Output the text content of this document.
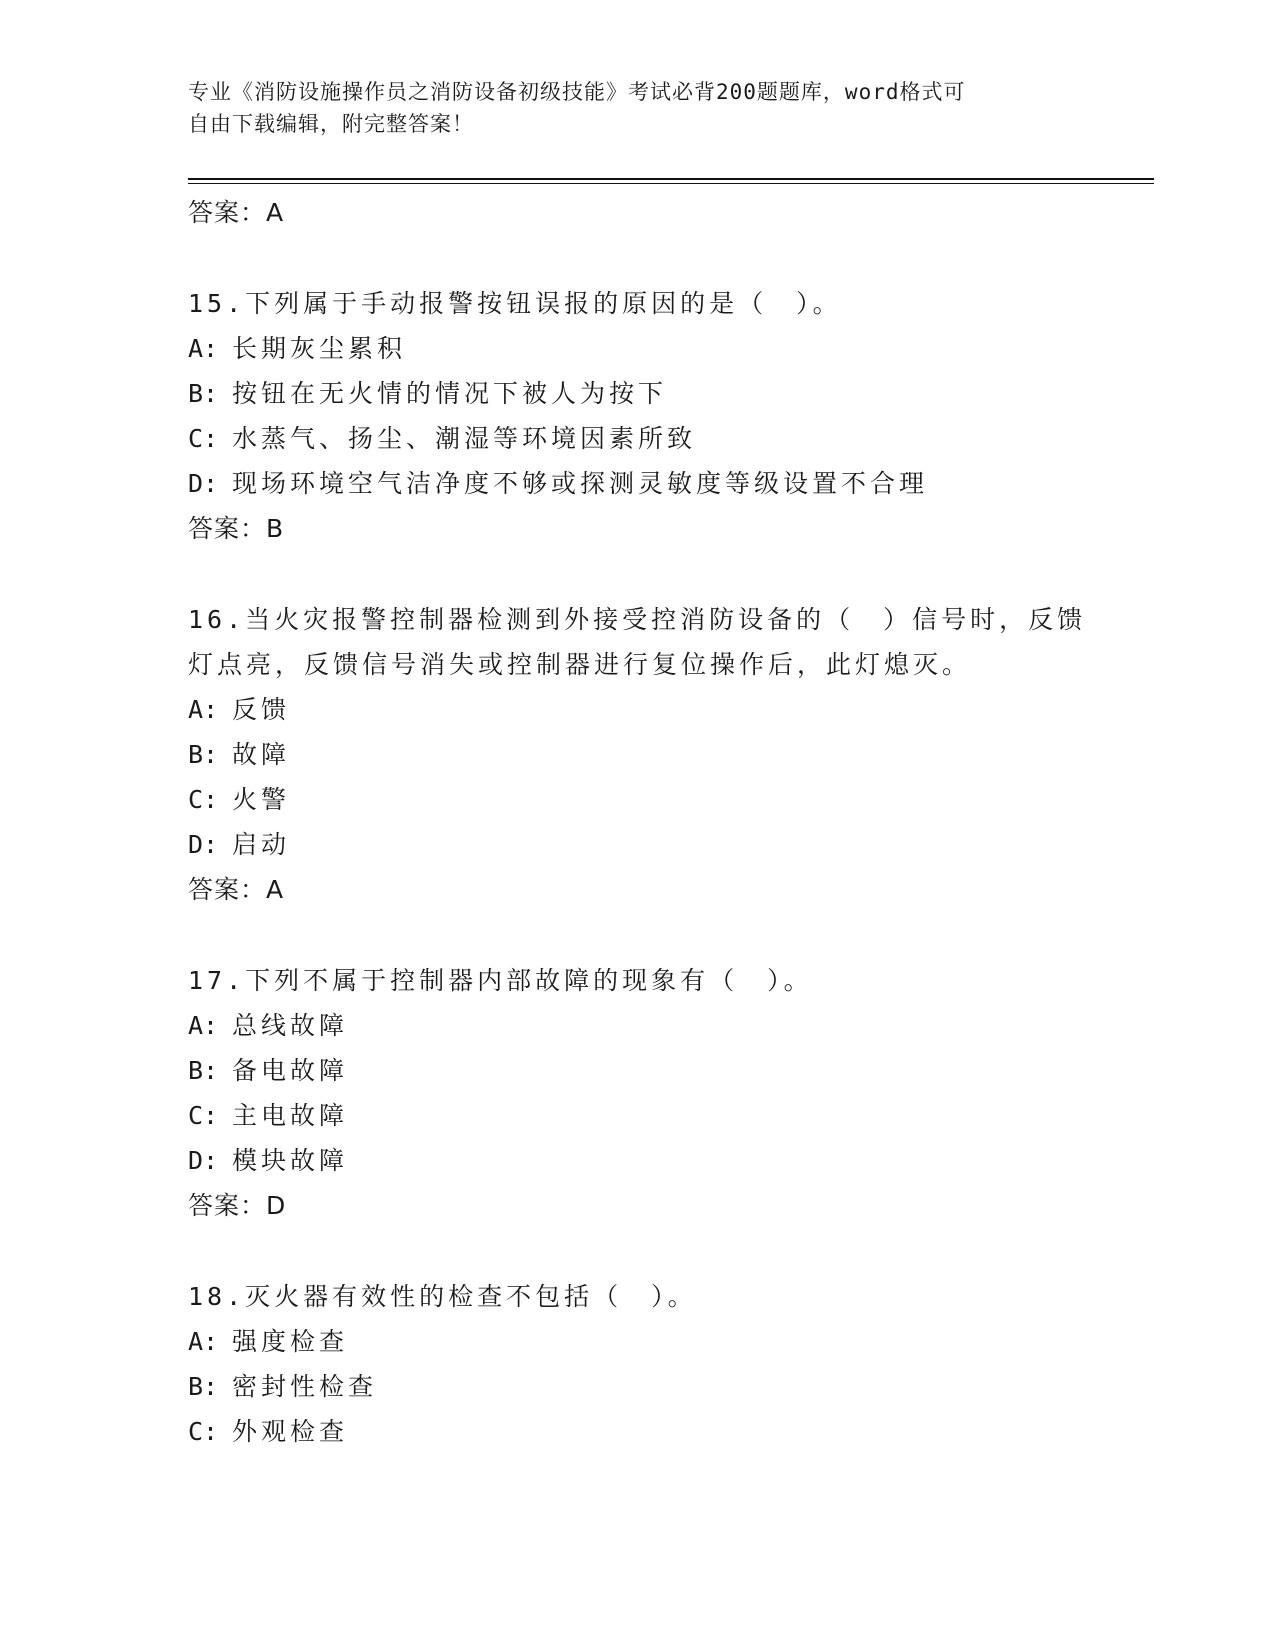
专业《消防设施操作员之消防设备初级技能》考试必背200题题库，word格式可
自由下载编辑，附完整答案！
答案：A
15.下列属于手动报警按钮误报的原因的是（　）。
A: 长期灰尘累积
B: 按钮在无火情的情况下被人为按下
C: 水蒸气、扬尘、潮湿等环境因素所致
D: 现场环境空气洁净度不够或探测灵敏度等级设置不合理
答案：B
16.当火灾报警控制器检测到外接受控消防设备的（　）信号时，反馈灯点亮，反馈信号消失或控制器进行复位操作后，此灯熄灭。
A: 反馈
B: 故障
C: 火警
D: 启动
答案：A
17.下列不属于控制器内部故障的现象有（　）。
A: 总线故障
B: 备电故障
C: 主电故障
D: 模块故障
答案：D
18.灭火器有效性的检查不包括（　）。
A: 强度检查
B: 密封性检查
C: 外观检查
